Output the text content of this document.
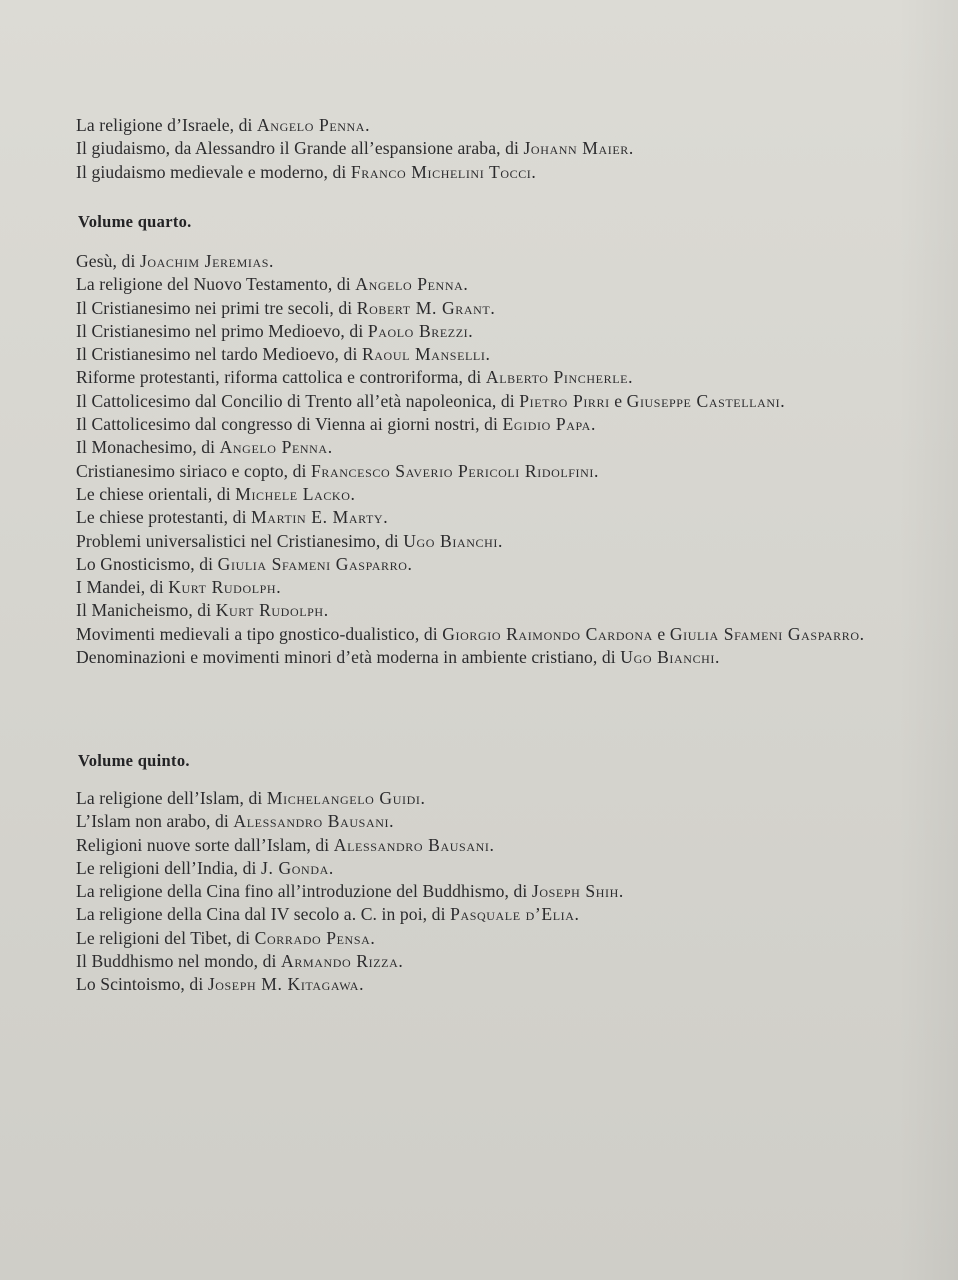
La religione d’Israele, di Angelo Penna.
Il giudaismo, da Alessandro il Grande all’espansione araba, di Johann Maier.
Il giudaismo medievale e moderno, di Franco Michelini Tocci.
Volume quarto.
Gesù, di Joachim Jeremias.
La religione del Nuovo Testamento, di Angelo Penna.
Il Cristianesimo nei primi tre secoli, di Robert M. Grant.
Il Cristianesimo nel primo Medioevo, di Paolo Brezzi.
Il Cristianesimo nel tardo Medioevo, di Raoul Manselli.
Riforme protestanti, riforma cattolica e controriforma, di Alberto Pincherle.
Il Cattolicesimo dal Concilio di Trento all’età napoleonica, di Pietro Pirri e Giuseppe Castellani.
Il Cattolicesimo dal congresso di Vienna ai giorni nostri, di Egidio Papa.
Il Monachesimo, di Angelo Penna.
Cristianesimo siriaco e copto, di Francesco Saverio Pericoli Ridolfini.
Le chiese orientali, di Michele Lacko.
Le chiese protestanti, di Martin E. Marty.
Problemi universalistici nel Cristianesimo, di Ugo Bianchi.
Lo Gnosticismo, di Giulia Sfameni Gasparro.
I Mandei, di Kurt Rudolph.
Il Manicheismo, di Kurt Rudolph.
Movimenti medievali a tipo gnostico-dualistico, di Giorgio Raimondo Cardona e Giulia Sfameni Gasparro.
Denominazioni e movimenti minori d’età moderna in ambiente cristiano, di Ugo Bianchi.
Volume quinto.
La religione dell’Islam, di Michelangelo Guidi.
L’Islam non arabo, di Alessandro Bausani.
Religioni nuove sorte dall’Islam, di Alessandro Bausani.
Le religioni dell’India, di J. Gonda.
La religione della Cina fino all’introduzione del Buddhismo, di Joseph Shih.
La religione della Cina dal IV secolo a. C. in poi, di Pasquale d’Elia.
Le religioni del Tibet, di Corrado Pensa.
Il Buddhismo nel mondo, di Armando Rizza.
Lo Scintoismo, di Joseph M. Kitagawa.
